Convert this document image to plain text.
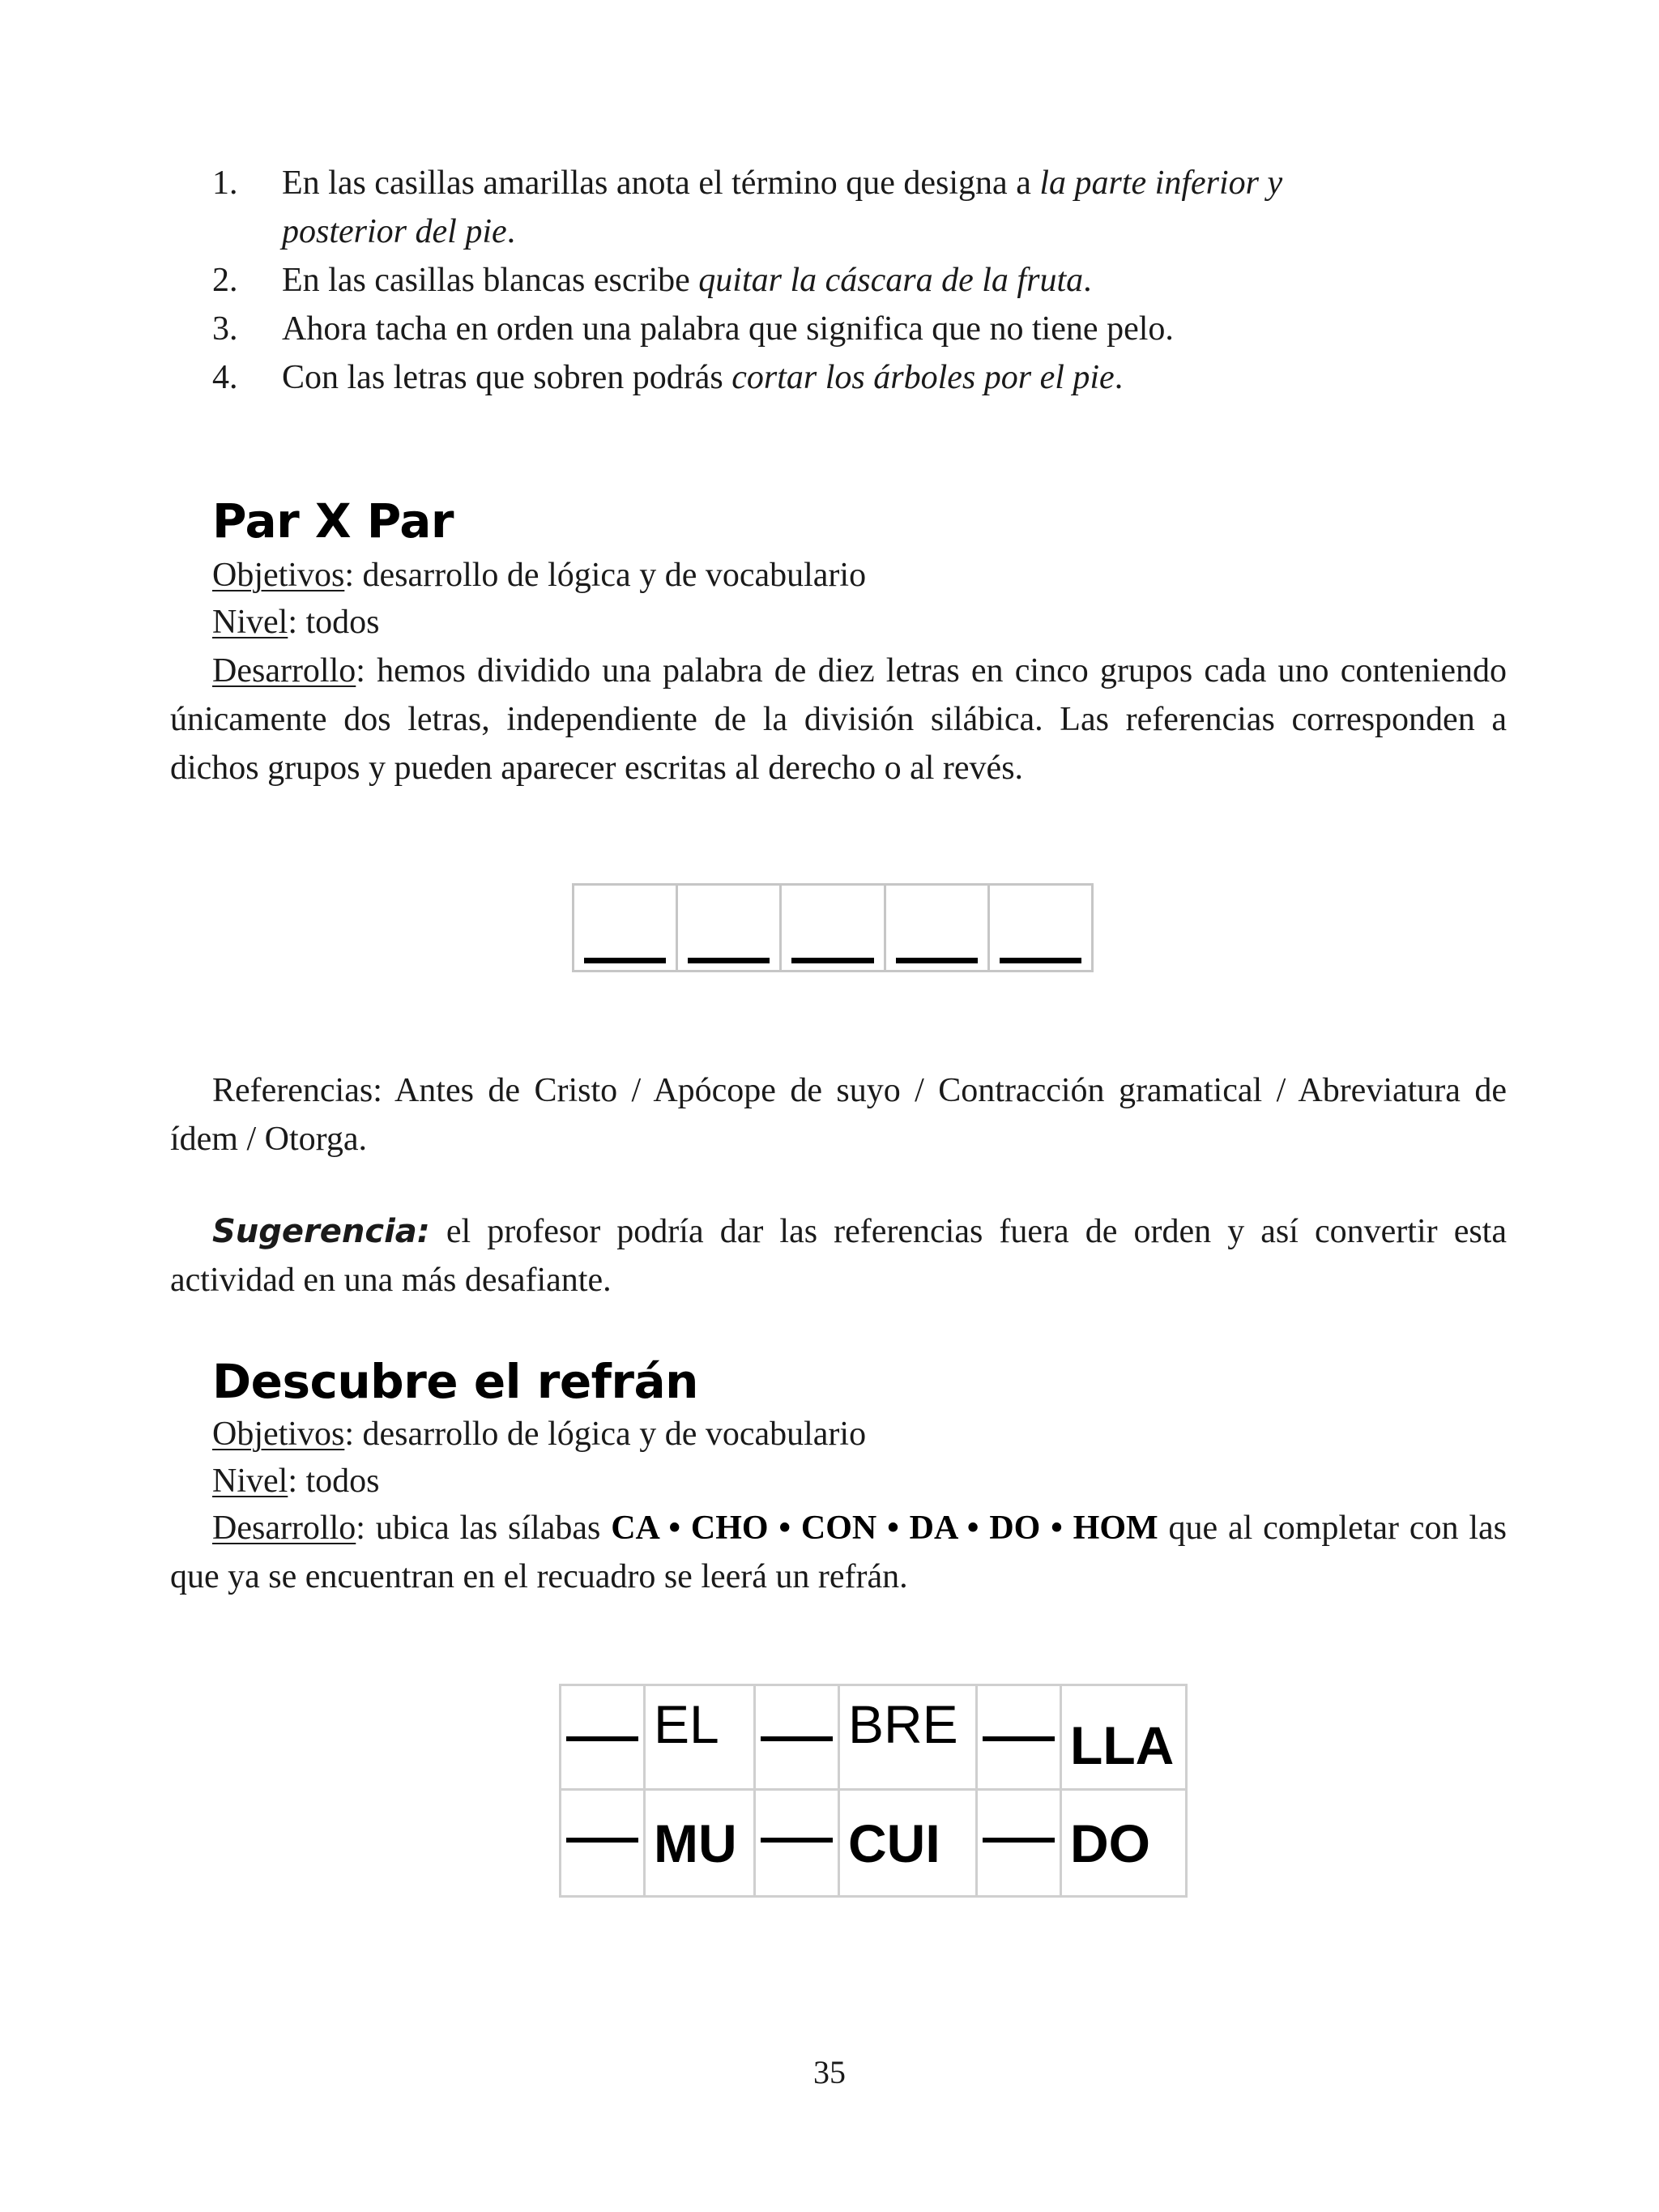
1. En las casillas amarillas anota el término que designa a la parte inferior y
posterior del pie.
2. En las casillas blancas escribe quitar la cáscara de la fruta.
3. Ahora tacha en orden una palabra que significa que no tiene pelo.
4. Con las letras que sobren podrás cortar los árboles por el pie.
Par X Par
Objetivos: desarrollo de lógica y de vocabulario
Nivel: todos
Desarrollo: hemos dividido una palabra de diez letras en cinco grupos cada uno conteniendo únicamente dos letras, independiente de la división silábica. Las referencias corresponden a dichos grupos y pueden aparecer escritas al derecho o al revés.
Referencias: Antes de Cristo / Apócope de suyo / Contracción gramatical / Abreviatura de ídem / Otorga.
Sugerencia: el profesor podría dar las referencias fuera de orden y así convertir esta actividad en una más desafiante.
Descubre el refrán
Objetivos: desarrollo de lógica y de vocabulario
Nivel: todos
Desarrollo: ubica las sílabas CA • CHO • CON • DA • DO • HOM que al completar con las que ya se encuentran en el recuadro se leerá un refrán.
EL BRE LLA
MU CUI DO
35
